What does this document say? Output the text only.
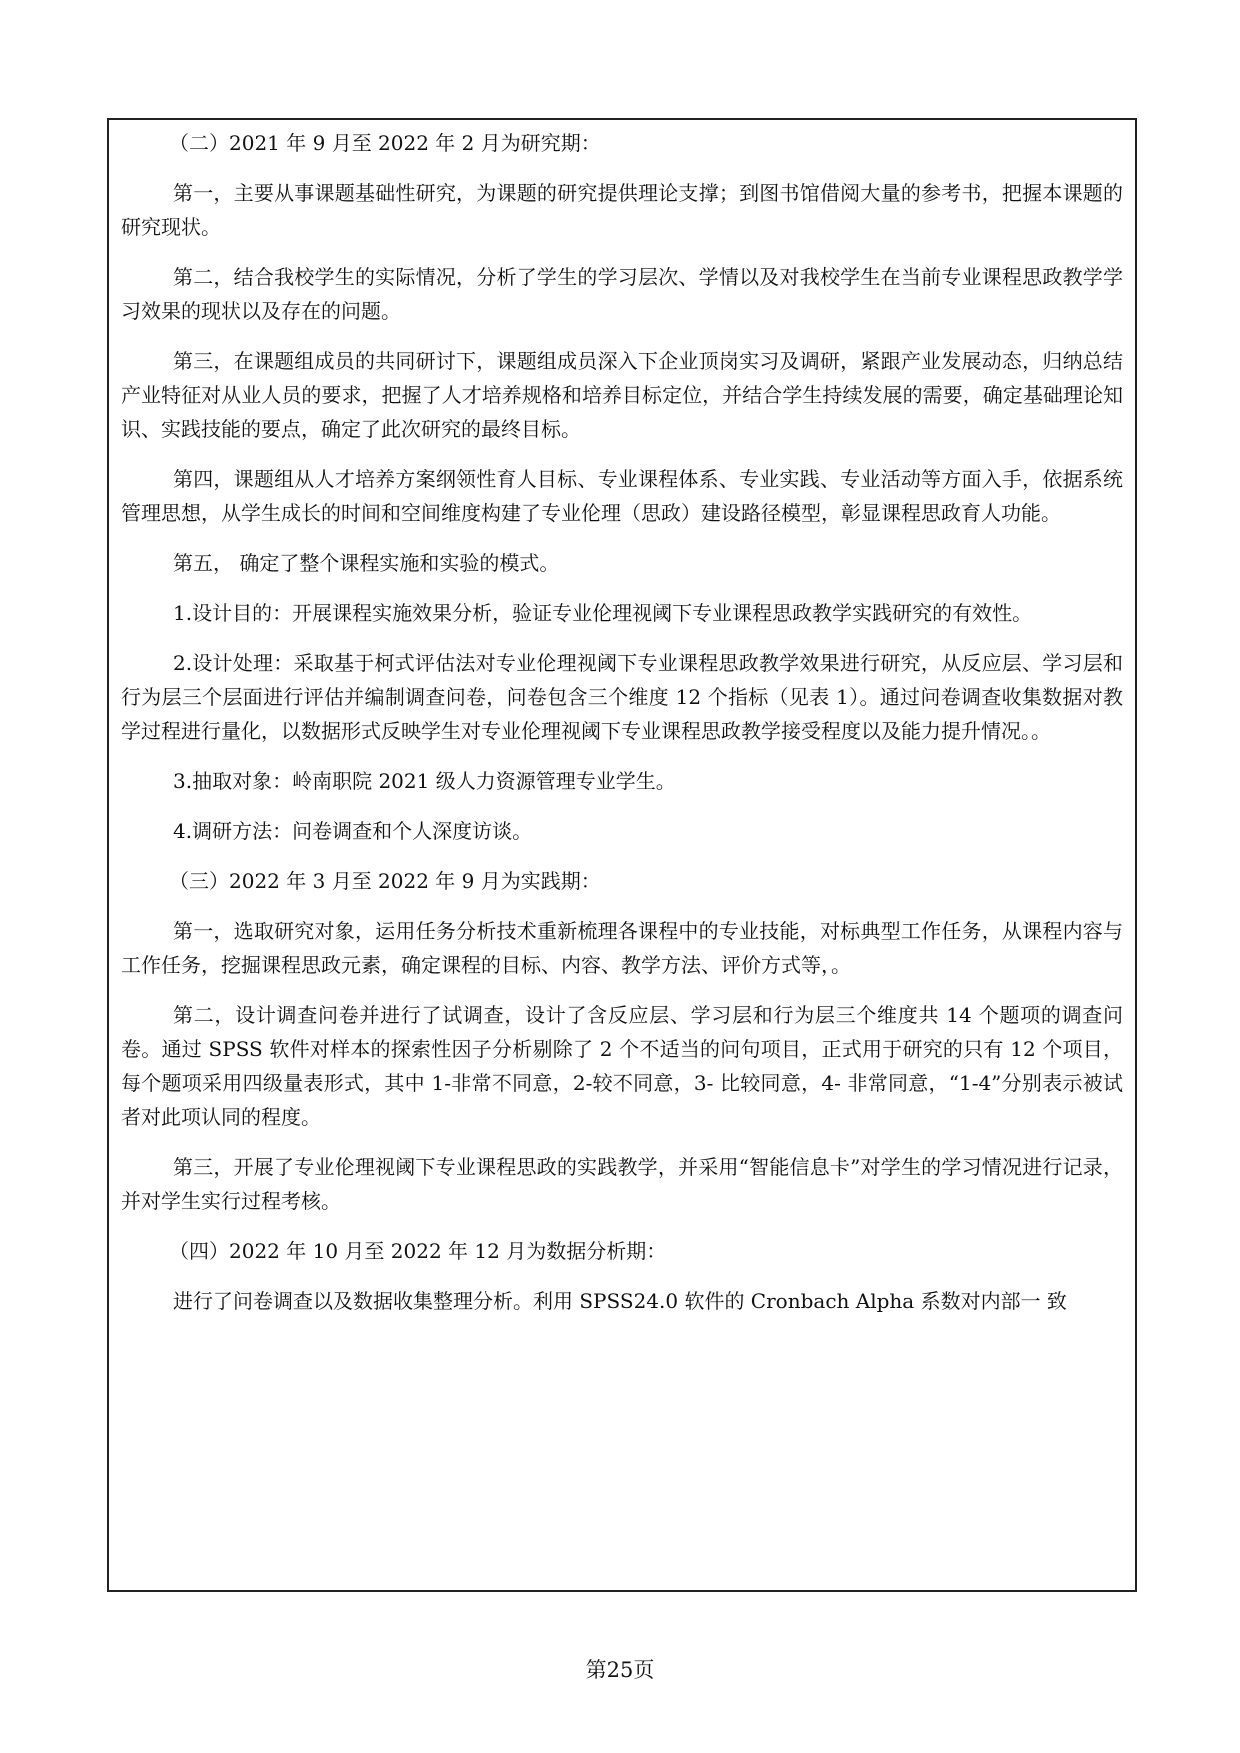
（二）2021 年 9 月至 2022 年 2 月为研究期：

第一，主要从事课题基础性研究，为课题的研究提供理论支撑；到图书馆借阅大量的参考书，把握本课题的研究现状。

第二，结合我校学生的实际情况，分析了学生的学习层次、学情以及对我校学生在当前专业课程思政教学学习效果的现状以及存在的问题。

第三，在课题组成员的共同研讨下，课题组成员深入下企业顶岗实习及调研，紧跟产业发展动态，归纳总结产业特征对从业人员的要求，把握了人才培养规格和培养目标定位，并结合学生持续发展的需要，确定基础理论知识、实践技能的要点，确定了此次研究的最终目标。

第四，课题组从人才培养方案纲领性育人目标、专业课程体系、专业实践、专业活动等方面入手，依据系统管理思想，从学生成长的时间和空间维度构建了专业伦理（思政）建设路径模型，彰显课程思政育人功能。

第五， 确定了整个课程实施和实验的模式。

1.设计目的：开展课程实施效果分析，验证专业伦理视阈下专业课程思政教学实践研究的有效性。

2.设计处理：采取基于柯式评估法对专业伦理视阈下专业课程思政教学效果进行研究，从反应层、学习层和行为层三个层面进行评估并编制调查问卷，问卷包含三个维度 12 个指标（见表 1）。通过问卷调查收集数据对教学过程进行量化，以数据形式反映学生对专业伦理视阈下专业课程思政教学接受程度以及能力提升情况。。

3.抽取对象：岭南职院 2021 级人力资源管理专业学生。

4.调研方法：问卷调查和个人深度访谈。

（三）2022 年 3 月至 2022 年 9 月为实践期：

第一，选取研究对象，运用任务分析技术重新梳理各课程中的专业技能，对标典型工作任务，从课程内容与工作任务，挖掘课程思政元素，确定课程的目标、内容、教学方法、评价方式等，。

第二，设计调查问卷并进行了试调查，设计了含反应层、学习层和行为层三个维度共 14 个题项的调查问卷。通过 SPSS 软件对样本的探索性因子分析剔除了 2 个不适当的问句项目，正式用于研究的只有 12 个项目，每个题项采用四级量表形式，其中 1-非常不同意，2-较不同意，3- 比较同意，4- 非常同意，“1-4”分别表示被试者对此项认同的程度。

第三，开展了专业伦理视阈下专业课程思政的实践教学，并采用“智能信息卡”对学生的学习情况进行记录，并对学生实行过程考核。

（四）2022 年 10 月至 2022 年 12 月为数据分析期：

进行了问卷调查以及数据收集整理分析。利用 SPSS24.0 软件的 Cronbach Alpha 系数对内部一 致

第25页
